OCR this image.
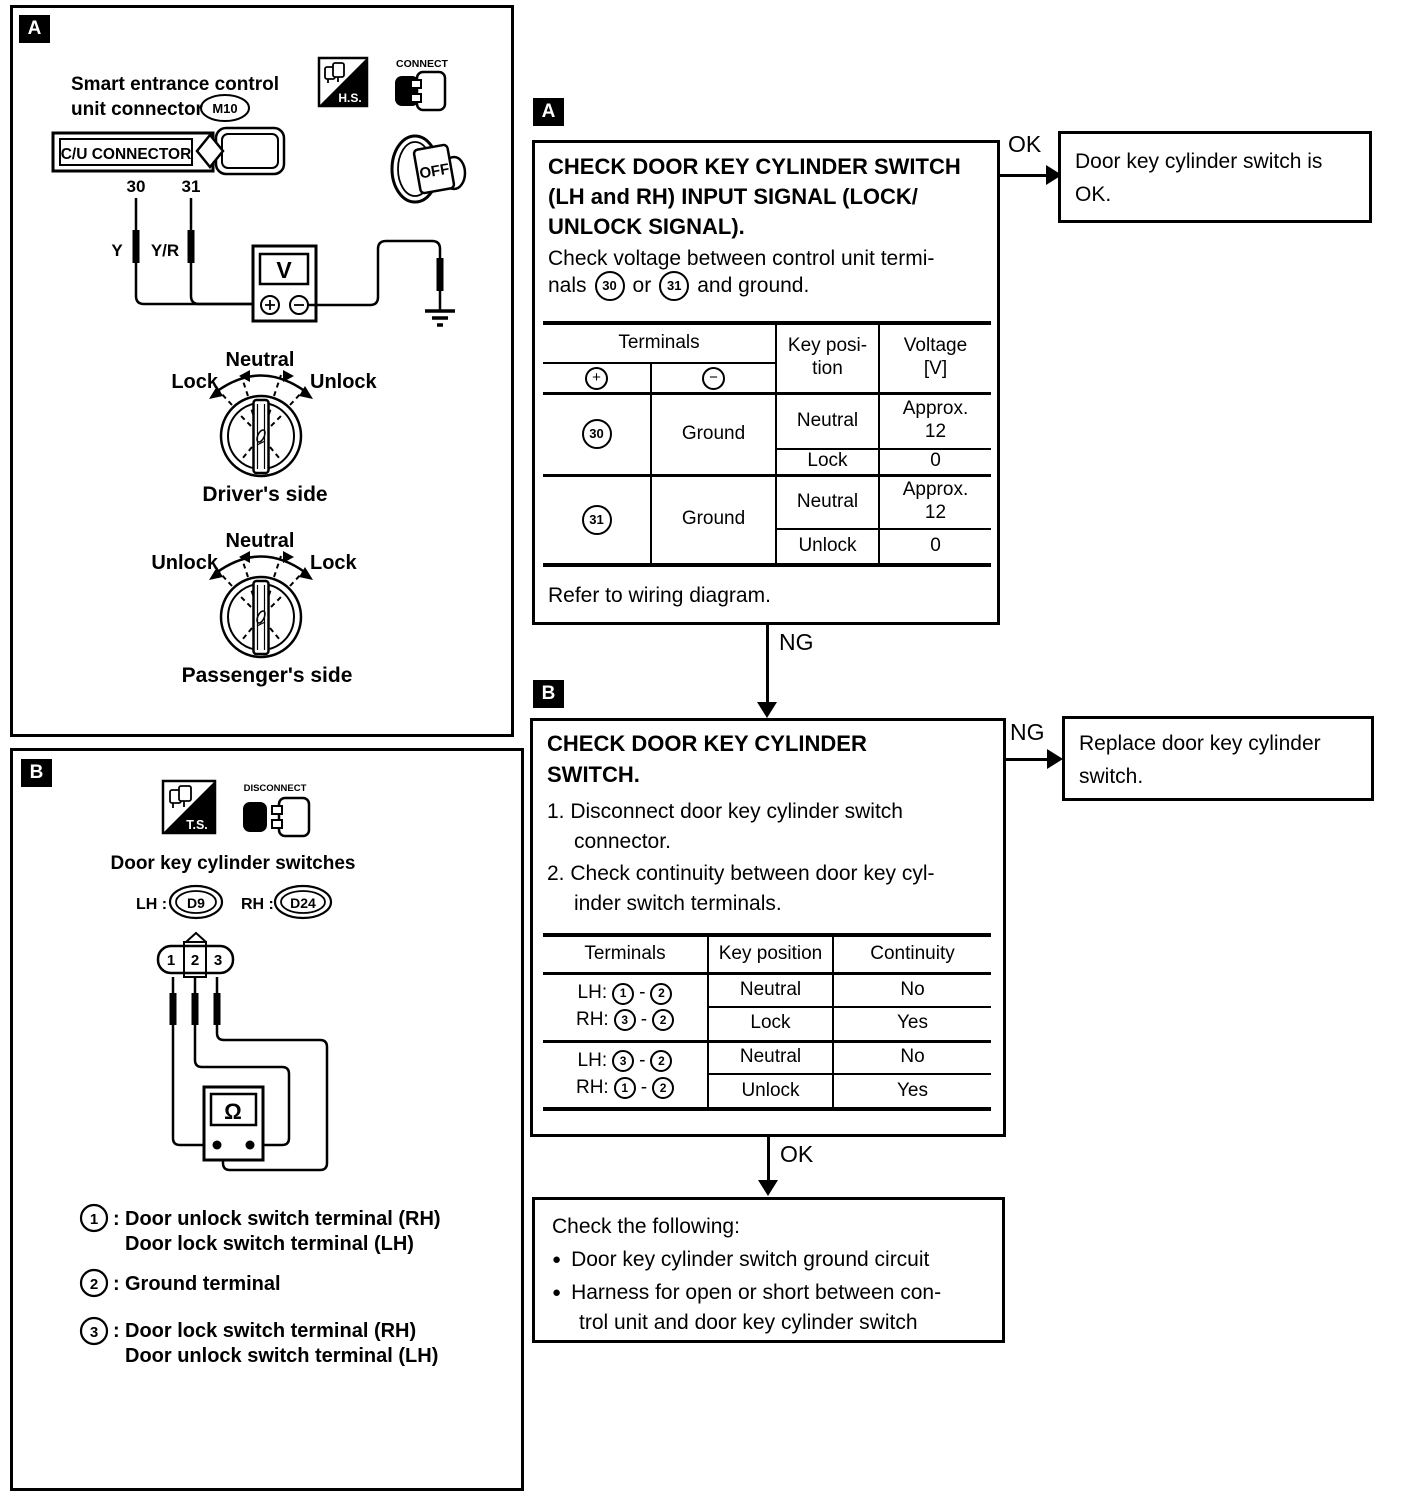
A
Smart entrance control
unit connector M10
H.S.
CONNECT
OFF
C/U CONNECTOR
30 31
Y Y/R
V
Neutral
Lock	Unlock
Driver's side
Neutral
Unlock	Lock
Passenger's side
B
T.S.
DISCONNECT
Door key cylinder switches
LH : D9 RH : D24
1 2 3
Ω
1 : Door unlock switch terminal (RH)
Door lock switch terminal (LH)
2 : Ground terminal
3 : Door lock switch terminal (RH)
Door unlock switch terminal (LH)
A
CHECK DOOR KEY CYLINDER SWITCH
(LH and RH) INPUT SIGNAL (LOCK/
UNLOCK SIGNAL).
Check voltage between control unit termi-
nals	30 or	31 and ground.
Terminals		Key posi-
tion	Voltage
[V]
+	−		
30	Ground	Neutral	Approx.
12
		Lock	0
31	Ground	Neutral	Approx.
12
		Unlock	0
Refer to wiring diagram.
OK
Door key cylinder switch is
OK.
NG
B
CHECK DOOR KEY CYLINDER
SWITCH.
1. Disconnect door key cylinder switch
connector.
2. Check continuity between door key cyl-
inder switch terminals.
Terminals	Key position	Continuity

LH:	1 -	2
RH:	3 -	2
	Neutral	No
	Lock	Yes

LH:	3 -	2
RH:	1 -	2
	Neutral	No
	Unlock	Yes
NG Replace door key cylinder
switch.
OK
Check the following:
● Door key cylinder switch ground circuit
● Harness for open or short between con-
trol unit and door key cylinder switch
